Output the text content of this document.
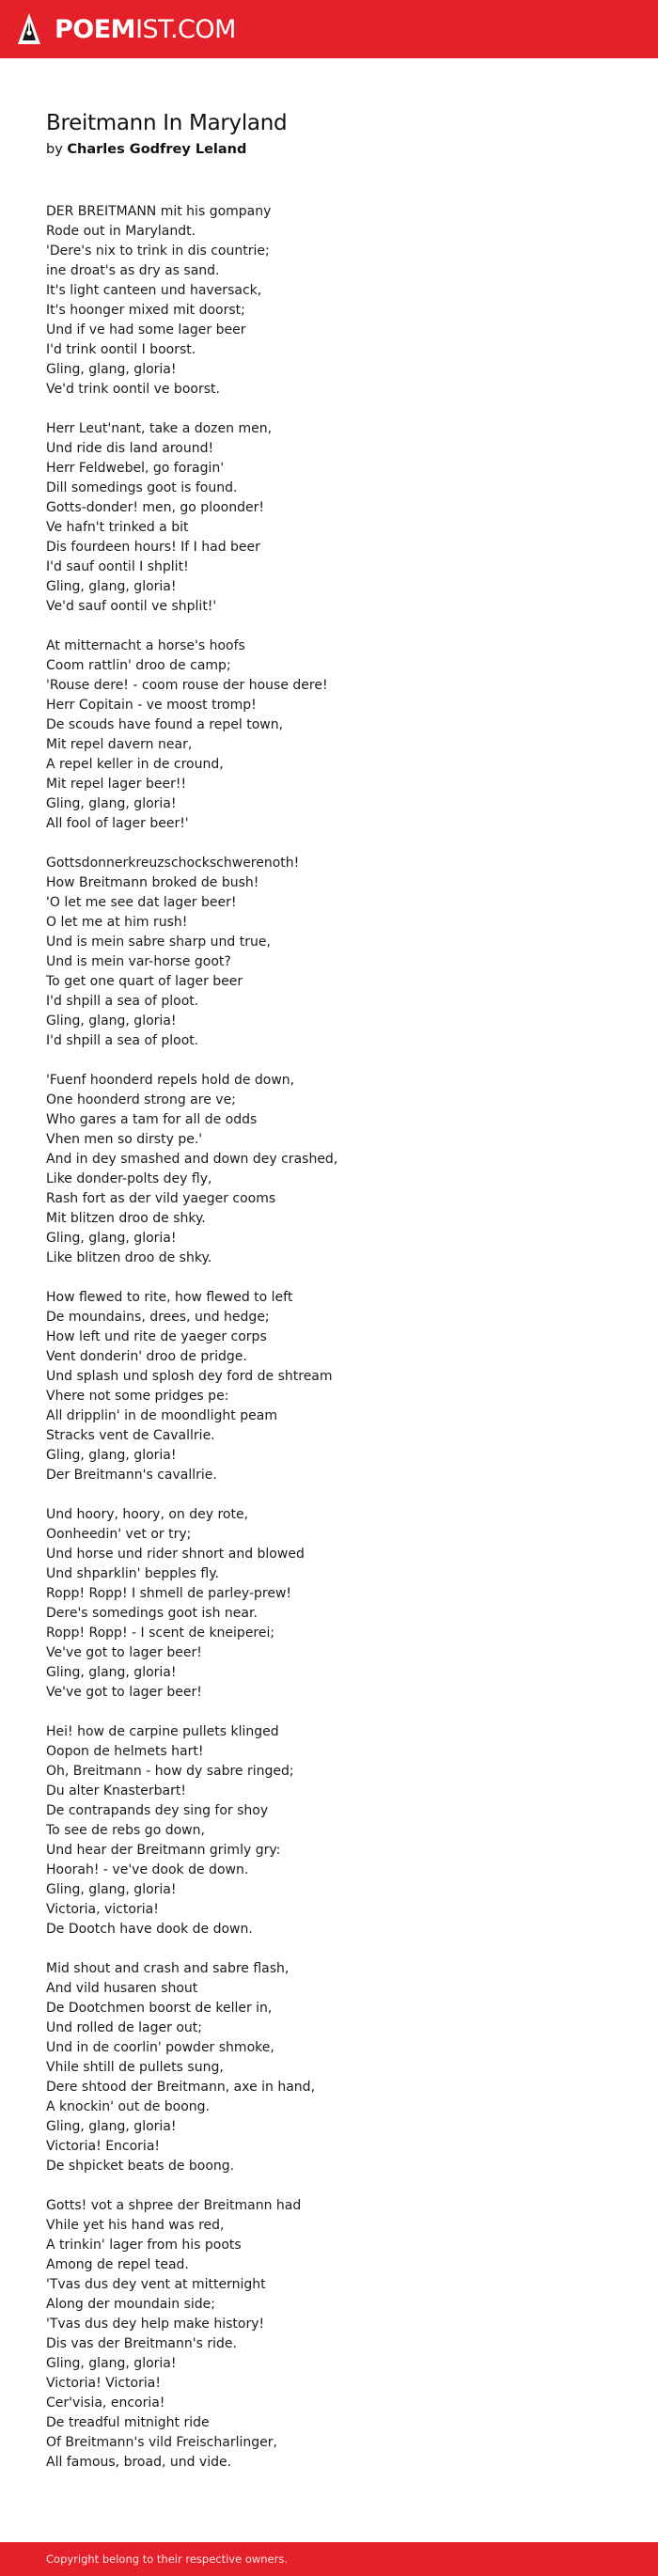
POEMIST.COM
Breitmann In Maryland

by Charles Godfrey Leland

DER BREITMANN mit his gompany
Rode out in Marylandt.
'Dere's nix to trink in dis countrie;
ine droat's as dry as sand.
It's light canteen und haversack,
It's hoonger mixed mit doorst;
Und if ve had some lager beer
I'd trink oontil I boorst.
Gling, glang, gloria!
Ve'd trink oontil ve boorst.
Herr Leut'nant, take a dozen men,
Und ride dis land around!
Herr Feldwebel, go foragin'
Dill somedings goot is found.
Gotts-donder! men, go ploonder!
Ve hafn't trinked a bit
Dis fourdeen hours! If I had beer
I'd sauf oontil I shplit!
Gling, glang, gloria!
Ve'd sauf oontil ve shplit!'
At mitternacht a horse's hoofs
Coom rattlin' droo de camp;
'Rouse dere! - coom rouse der house dere!
Herr Copitain - ve moost tromp!
De scouds have found a repel town,
Mit repel davern near,
A repel keller in de cround,
Mit repel lager beer!!
Gling, glang, gloria!
All fool of lager beer!'
Gottsdonnerkreuzschockschwerenoth!
How Breitmann broked de bush!
'O let me see dat lager beer!
O let me at him rush!
Und is mein sabre sharp und true,
Und is mein var-horse goot?
To get one quart of lager beer
I'd shpill a sea of ploot.
Gling, glang, gloria!
I'd shpill a sea of ploot.
'Fuenf hoonderd repels hold de down,
One hoonderd strong are ve;
Who gares a tam for all de odds
Vhen men so dirsty pe.'
And in dey smashed and down dey crashed,
Like donder-polts dey fly,
Rash fort as der vild yaeger cooms
Mit blitzen droo de shky.
Gling, glang, gloria!
Like blitzen droo de shky.
How flewed to rite, how flewed to left
De moundains, drees, und hedge;
How left und rite de yaeger corps
Vent donderin' droo de pridge.
Und splash und splosh dey ford de shtream
Vhere not some pridges pe:
All dripplin' in de moondlight peam
Stracks vent de Cavallrie.
Gling, glang, gloria!
Der Breitmann's cavallrie.
Und hoory, hoory, on dey rote,
Oonheedin' vet or try;
Und horse und rider shnort and blowed
Und shparklin' bepples fly.
Ropp! Ropp! I shmell de parley-prew!
Dere's somedings goot ish near.
Ropp! Ropp! - I scent de kneiperei;
Ve've got to lager beer!
Gling, glang, gloria!
Ve've got to lager beer!
Hei! how de carpine pullets klinged
Oopon de helmets hart!
Oh, Breitmann - how dy sabre ringed;
Du alter Knasterbart!
De contrapands dey sing for shoy
To see de rebs go down,
Und hear der Breitmann grimly gry:
Hoorah! - ve've dook de down.
Gling, glang, gloria!
Victoria, victoria!
De Dootch have dook de down.
Mid shout and crash and sabre flash,
And vild husaren shout
De Dootchmen boorst de keller in,
Und rolled de lager out;
Und in de coorlin' powder shmoke,
Vhile shtill de pullets sung,
Dere shtood der Breitmann, axe in hand,
A knockin' out de boong.
Gling, glang, gloria!
Victoria! Encoria!
De shpicket beats de boong.
Gotts! vot a shpree der Breitmann had
Vhile yet his hand was red,
A trinkin' lager from his poots
Among de repel tead.
'Tvas dus dey vent at mitternight
Along der moundain side;
'Tvas dus dey help make history!
Dis vas der Breitmann's ride.
Gling, glang, gloria!
Victoria! Victoria!
Cer'visia, encoria!
De treadful mitnight ride
Of Breitmann's vild Freischarlinger,
All famous, broad, und vide.
Copyright belong to their respective owners.
